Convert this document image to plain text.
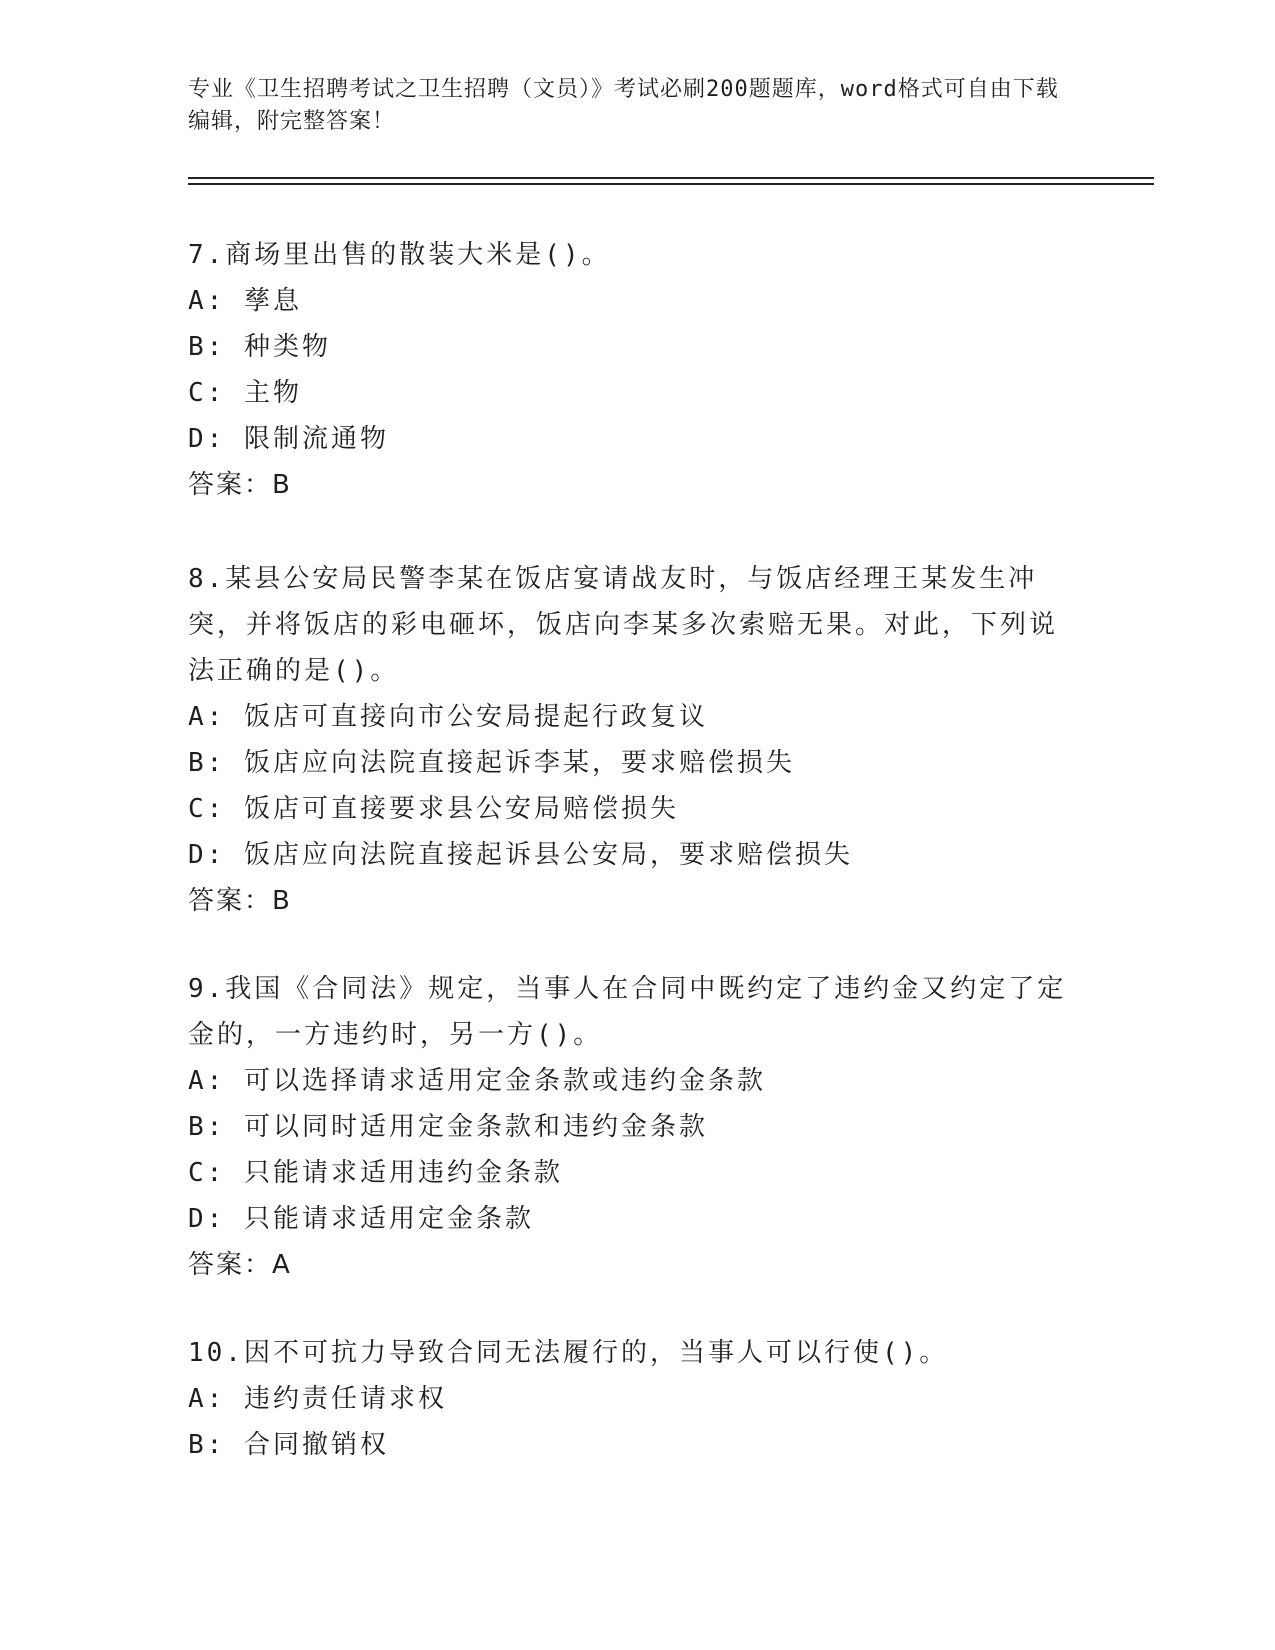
专业《卫生招聘考试之卫生招聘（文员）》考试必刷200题题库，word格式可自由下载编辑，附完整答案！

7.商场里出售的散装大米是()。

A: 孳息

B: 种类物

C: 主物

D: 限制流通物

答案：B

8.某县公安局民警李某在饭店宴请战友时，与饭店经理王某发生冲突，并将饭店的彩电砸坏，饭店向李某多次索赔无果。对此，下列说法正确的是()。

A: 饭店可直接向市公安局提起行政复议

B: 饭店应向法院直接起诉李某，要求赔偿损失

C: 饭店可直接要求县公安局赔偿损失

D: 饭店应向法院直接起诉县公安局，要求赔偿损失

答案：B

9.我国《合同法》规定，当事人在合同中既约定了违约金又约定了定金的，一方违约时，另一方()。

A: 可以选择请求适用定金条款或违约金条款

B: 可以同时适用定金条款和违约金条款

C: 只能请求适用违约金条款

D: 只能请求适用定金条款

答案：A

10.因不可抗力导致合同无法履行的，当事人可以行使()。

A: 违约责任请求权

B: 合同撤销权
